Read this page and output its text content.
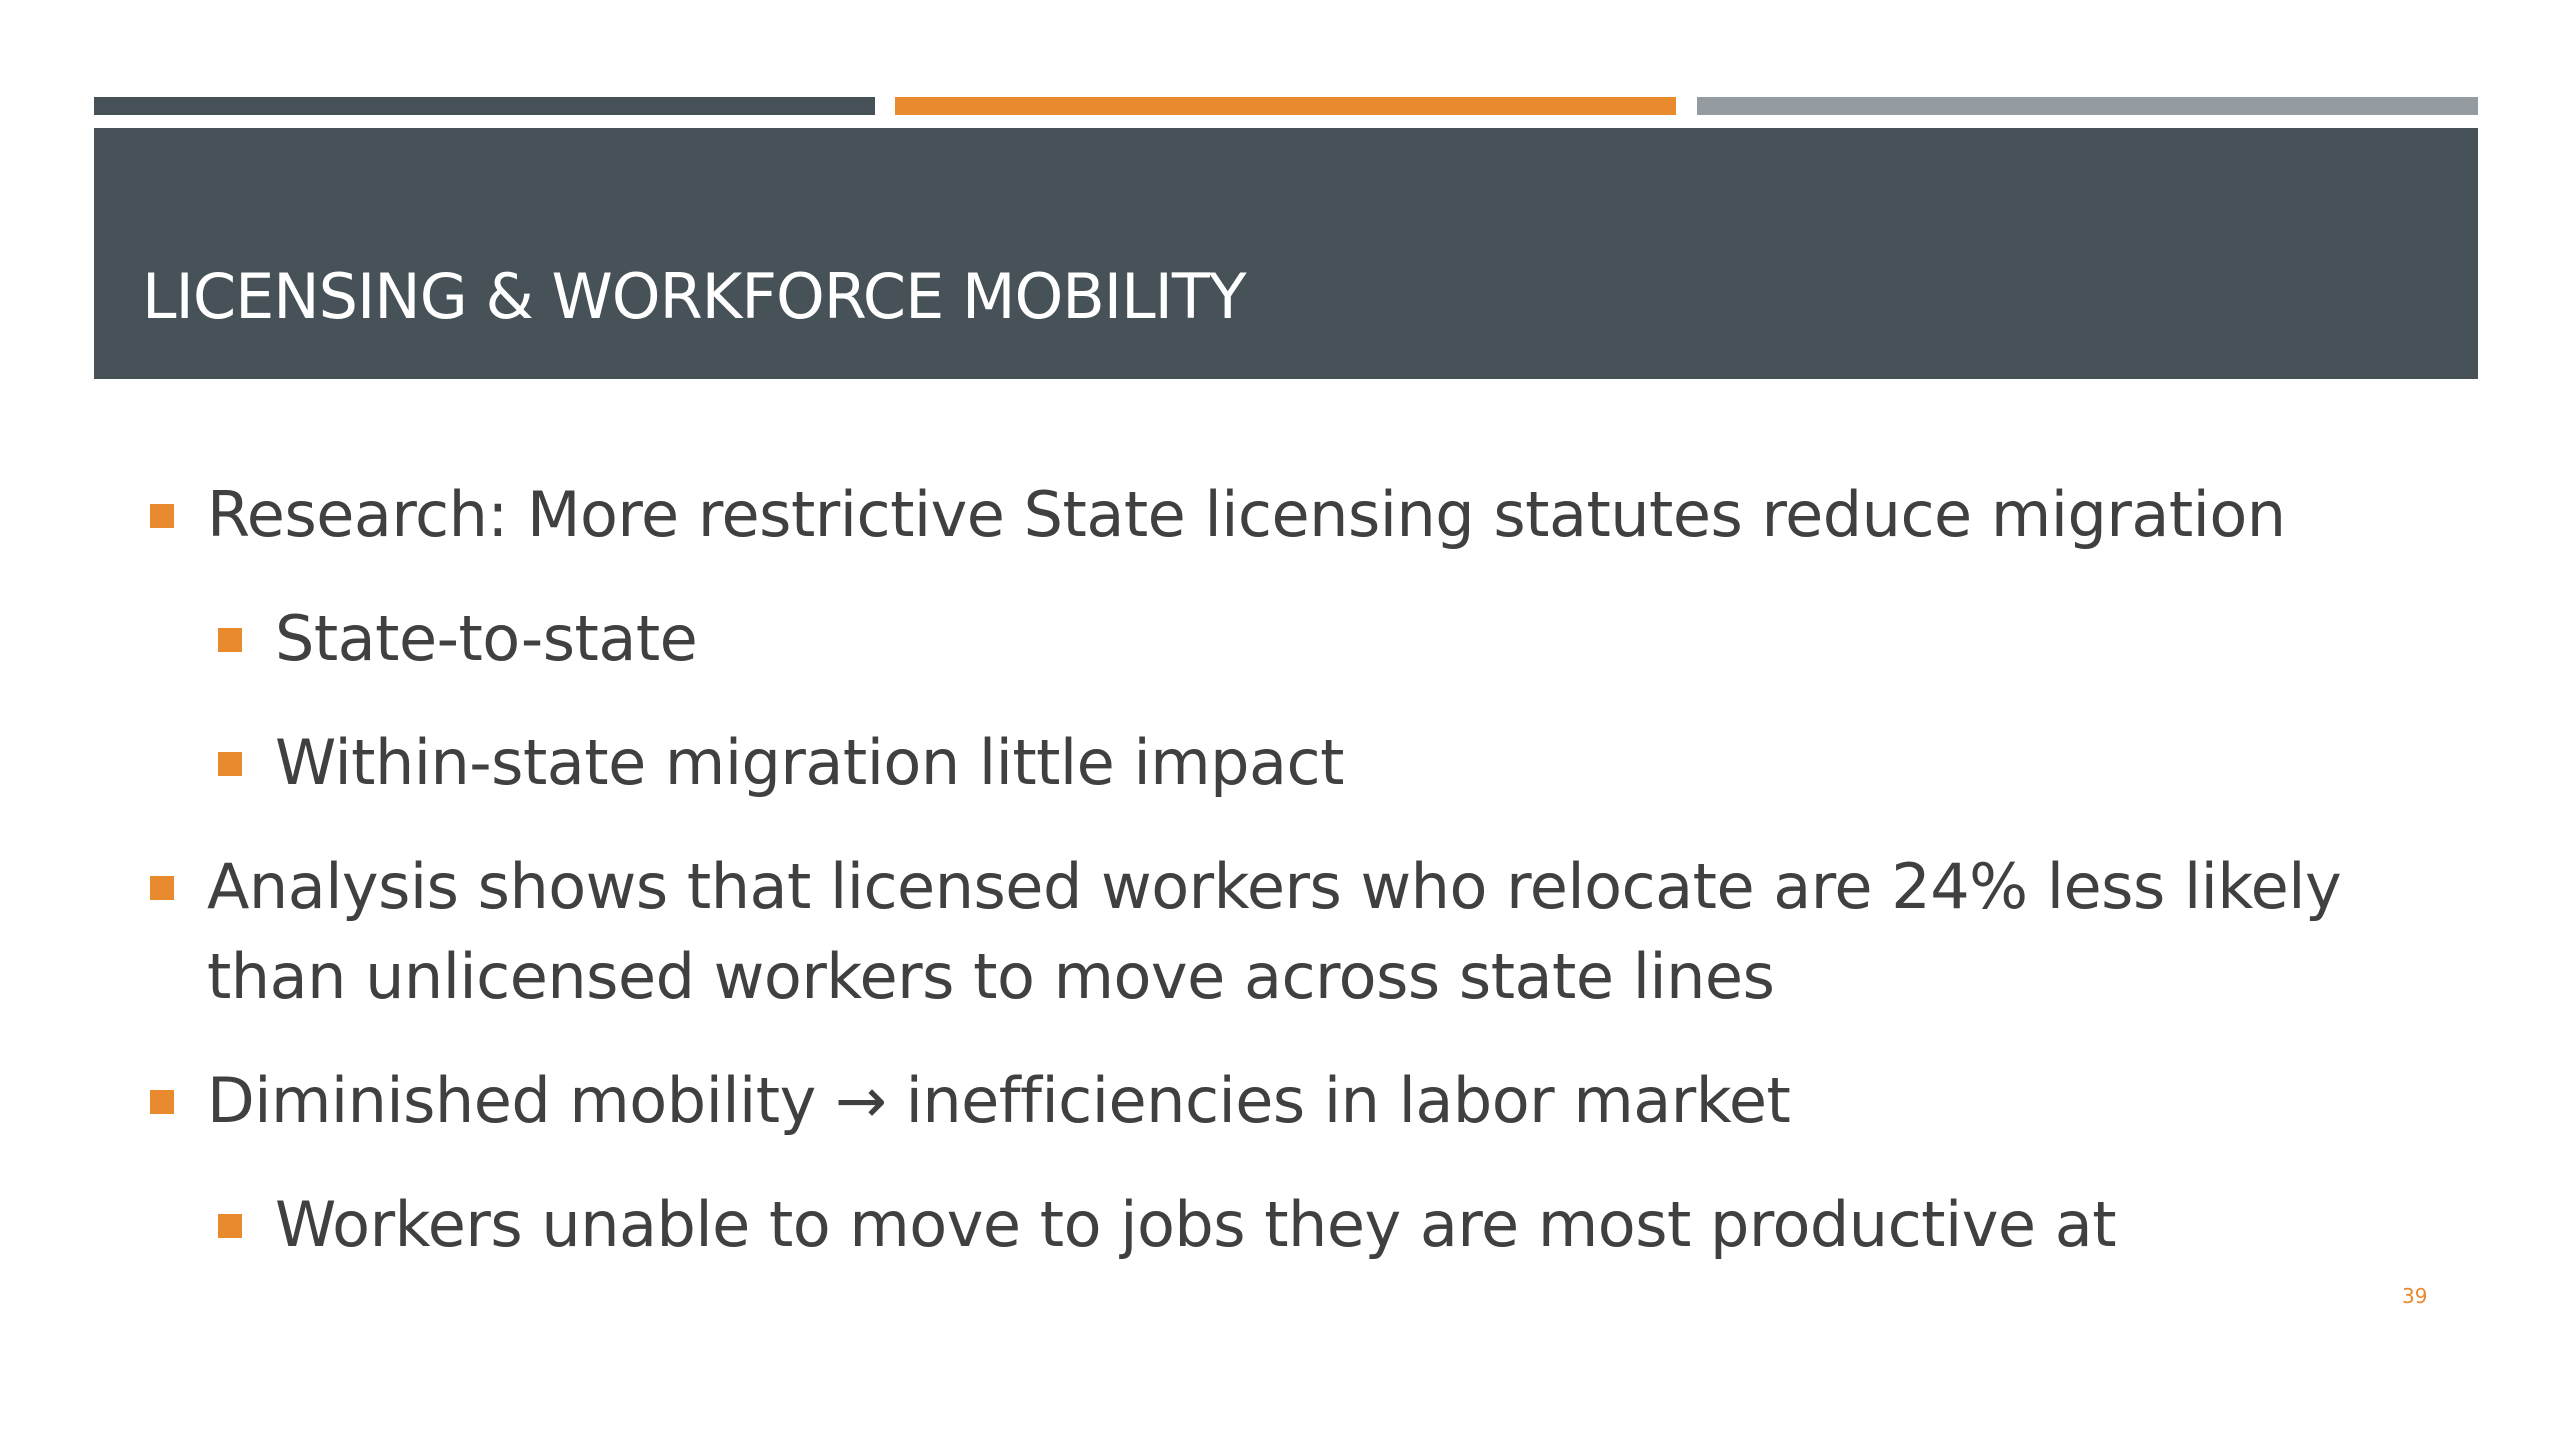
LICENSING & WORKFORCE MOBILITY
Research: More restrictive State licensing statutes reduce migration
State-to-state
Within-state migration little impact
Analysis shows that licensed workers who relocate are 24% less likely
than unlicensed workers to move across state lines
Diminished mobility → inefficiencies in labor market
Workers unable to move to jobs they are most productive at
39
